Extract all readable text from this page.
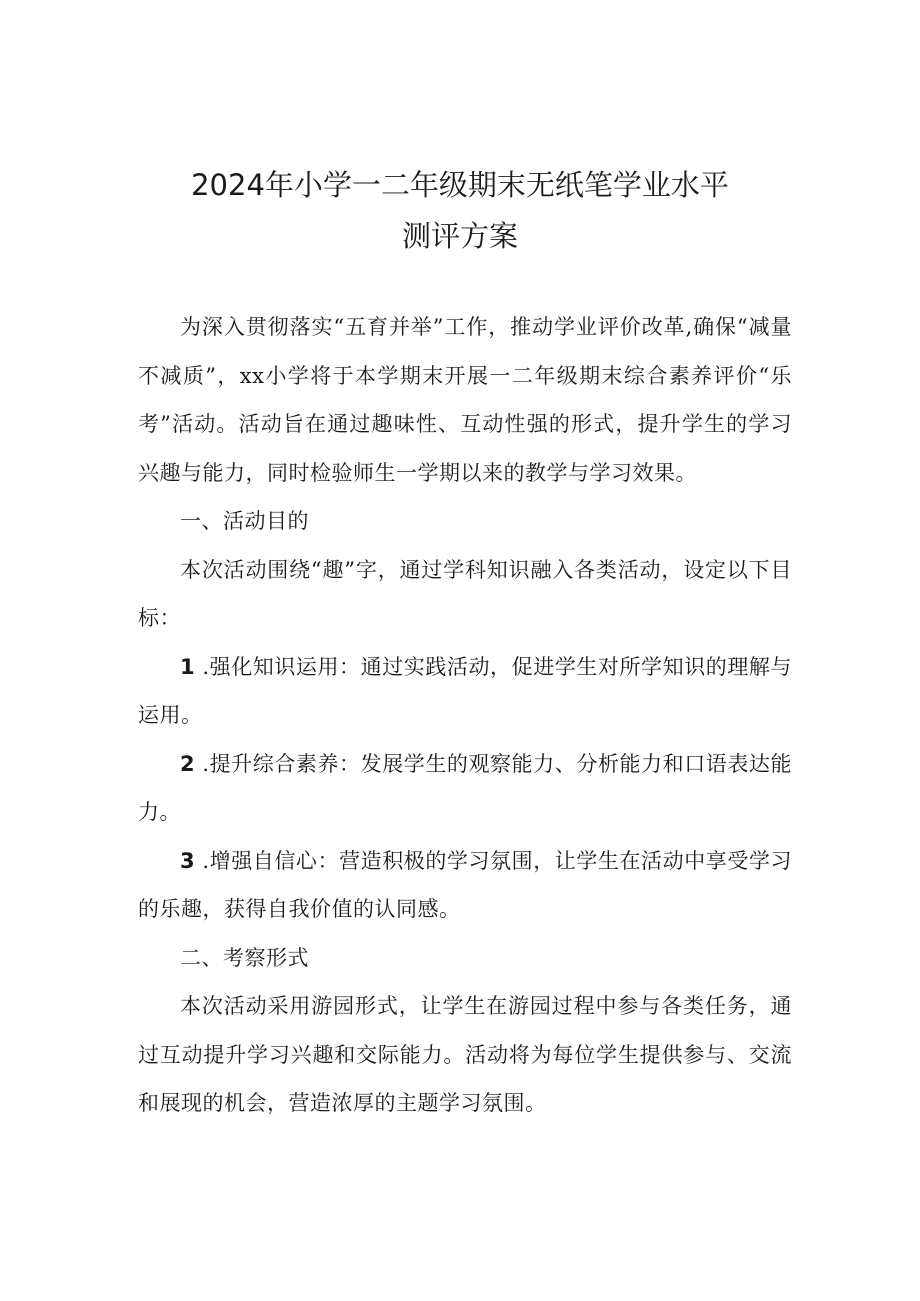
2024年小学一二年级期末无纸笔学业水平
测评方案

为深入贯彻落实“五育并举”工作，推动学业评价改革,确保“减量不减质”，xx小学将于本学期末开展一二年级期末综合素养评价“乐考”活动。活动旨在通过趣味性、互动性强的形式，提升学生的学习兴趣与能力，同时检验师生一学期以来的教学与学习效果。

一、活动目的

本次活动围绕“趣”字，通过学科知识融入各类活动，设定以下目标：

1 .强化知识运用：通过实践活动，促进学生对所学知识的理解与运用。

2 .提升综合素养：发展学生的观察能力、分析能力和口语表达能力。

3 .增强自信心：营造积极的学习氛围，让学生在活动中享受学习的乐趣，获得自我价值的认同感。

二、考察形式

本次活动采用游园形式，让学生在游园过程中参与各类任务，通过互动提升学习兴趣和交际能力。活动将为每位学生提供参与、交流和展现的机会，营造浓厚的主题学习氛围。
